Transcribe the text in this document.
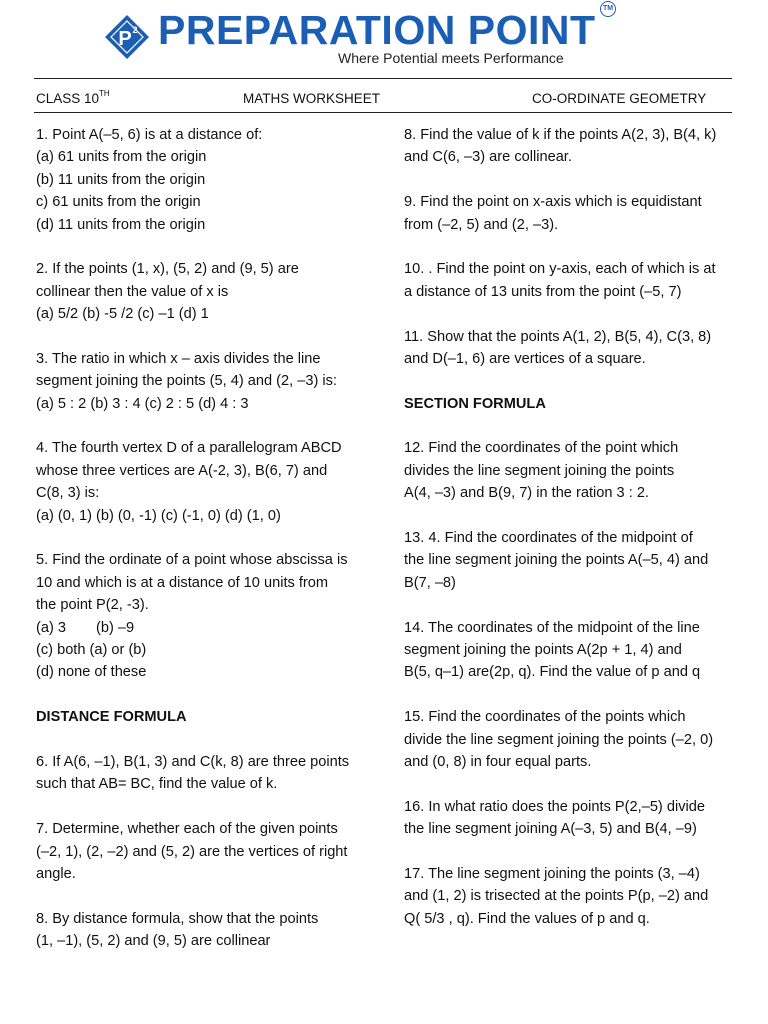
P 2 PREPARATION POINT	TM
Where Potential meets Performance
CLASS 10TH	MATHS WORKSHEET	CO-ORDINATE GEOMETRY
1. Point A(–5, 6) is at a distance of:
(a) 61 units from the origin
(b) 11 units from the origin
c) 61 units from the origin
(d) 11 units from the origin
2. If the points (1, x), (5, 2) and (9, 5) are
collinear then the value of x is
(a) 5/2 (b) -5 /2 (c) –1 (d) 1
3. The ratio in which x – axis divides the line
segment joining the points (5, 4) and (2, –3) is:
(a) 5 : 2 (b) 3 : 4 (c) 2 : 5 (d) 4 : 3
4. The fourth vertex D of a parallelogram ABCD
whose three vertices are A(-2, 3), B(6, 7) and
C(8, 3) is:
(a) (0, 1) (b) (0, -1) (c) (-1, 0) (d) (1, 0)
5. Find the ordinate of a point whose abscissa is
10 and which is at a distance of 10 units from
the point P(2, -3).
(a) 3 (b) –9
(c) both (a) or (b)
(d) none of these
DISTANCE FORMULA
6. If A(6, –1), B(1, 3) and C(k, 8) are three points
such that AB= BC, find the value of k.
7. Determine, whether each of the given points
(–2, 1), (2, –2) and (5, 2) are the vertices of right
angle.
8. By distance formula, show that the points
(1, –1), (5, 2) and (9, 5) are collinear
8. Find the value of k if the points A(2, 3), B(4, k)
and C(6, –3) are collinear.
9. Find the point on x-axis which is equidistant
from (–2, 5) and (2, –3).
10. . Find the point on y-axis, each of which is at
a distance of 13 units from the point (–5, 7)
11. Show that the points A(1, 2), B(5, 4), C(3, 8)
and D(–1, 6) are vertices of a square.
SECTION FORMULA
12. Find the coordinates of the point which
divides the line segment joining the points
A(4, –3) and B(9, 7) in the ration 3 : 2.
13. 4. Find the coordinates of the midpoint of
the line segment joining the points A(–5, 4) and
B(7, –8)
14. The coordinates of the midpoint of the line
segment joining the points A(2p + 1, 4) and
B(5, q–1) are(2p, q). Find the value of p and q
15. Find the coordinates of the points which
divide the line segment joining the points (–2, 0)
and (0, 8) in four equal parts.
16. In what ratio does the points P(2,–5) divide
the line segment joining A(–3, 5) and B(4, –9)
17. The line segment joining the points (3, –4)
and (1, 2) is trisected at the points P(p, –2) and
Q( 5/3 , q). Find the values of p and q.
